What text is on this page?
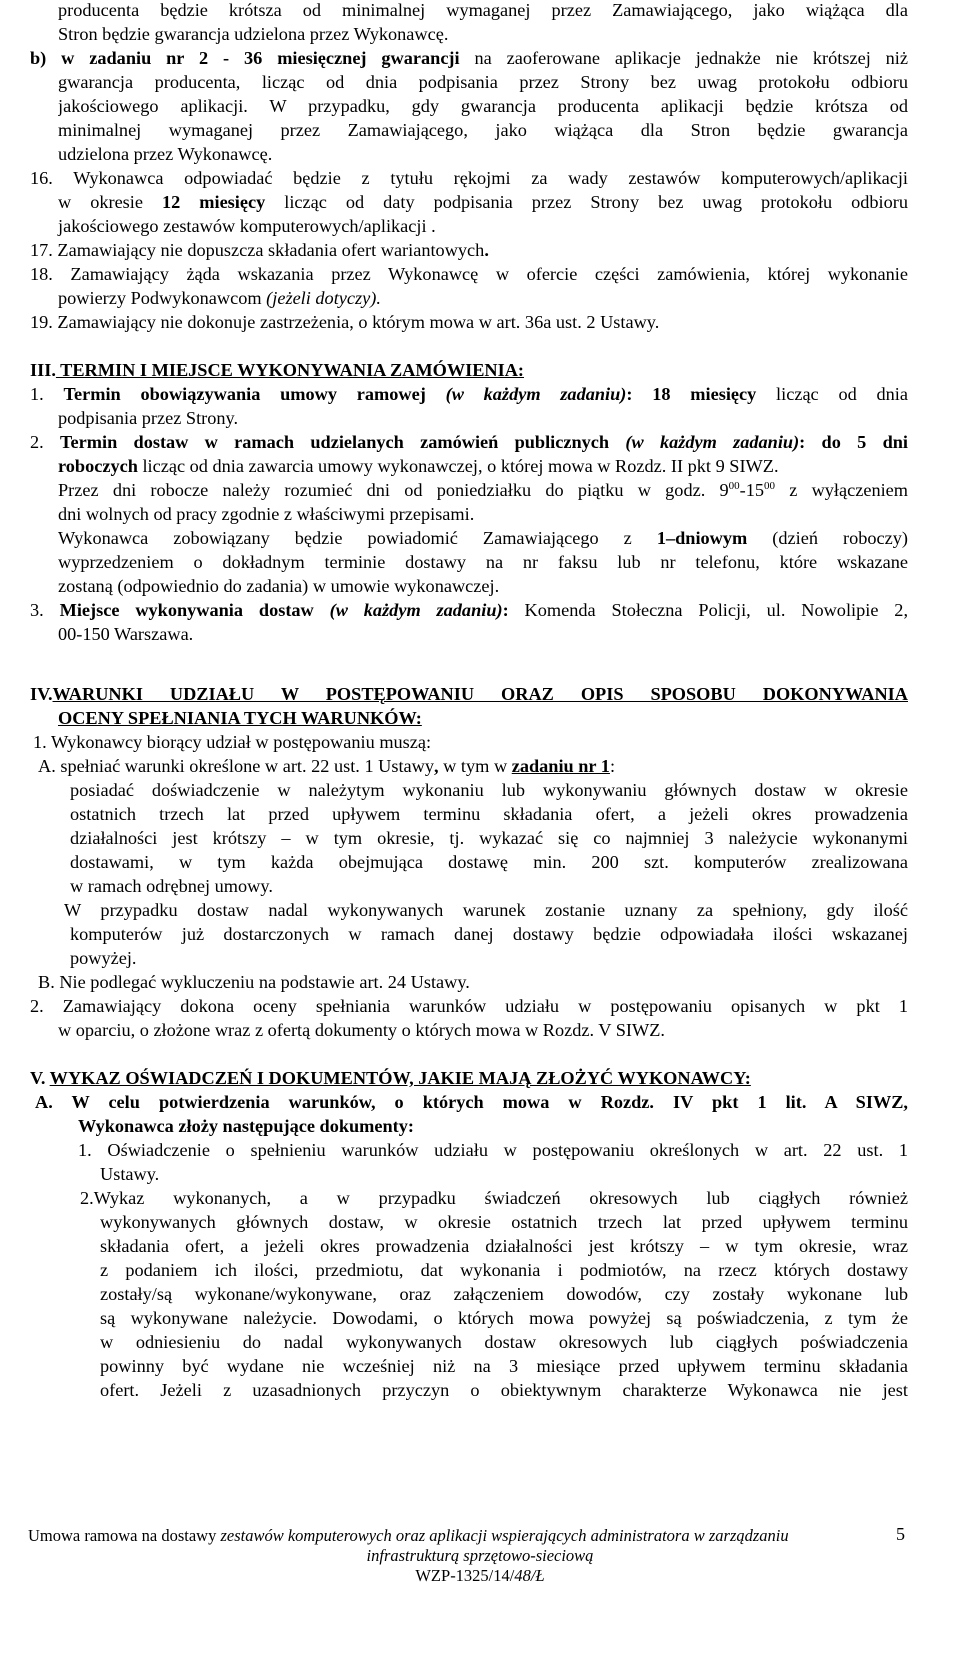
producenta będzie krótsza od minimalnej wymaganej przez Zamawiającego, jako wiążąca dla
Stron będzie gwarancja udzielona przez Wykonawcę.
b) w zadaniu nr 2 - 36 miesięcznej gwarancji na zaoferowane aplikacje jednakże nie krótszej niż
gwarancja producenta, licząc od dnia podpisania przez Strony bez uwag protokołu odbioru
jakościowego aplikacji. W przypadku, gdy gwarancja producenta aplikacji będzie krótsza od
minimalnej wymaganej przez Zamawiającego, jako wiążąca dla Stron będzie gwarancja
udzielona przez Wykonawcę.
16. Wykonawca odpowiadać będzie z tytułu rękojmi za wady zestawów komputerowych/aplikacji
w okresie 12 miesięcy licząc od daty podpisania przez Strony bez uwag protokołu odbioru
jakościowego zestawów komputerowych/aplikacji .
17. Zamawiający nie dopuszcza składania ofert wariantowych.
18. Zamawiający żąda wskazania przez Wykonawcę w ofercie części zamówienia, której wykonanie
powierzy Podwykonawcom (jeżeli dotyczy).
19. Zamawiający nie dokonuje zastrzeżenia, o którym mowa w art. 36a ust. 2 Ustawy.
III. TERMIN I MIEJSCE WYKONYWANIA ZAMÓWIENIA:
1. Termin obowiązywania umowy ramowej (w każdym zadaniu): 18 miesięcy licząc od dnia
podpisania przez Strony.
2. Termin dostaw w ramach udzielanych zamówień publicznych (w każdym zadaniu): do 5 dni
roboczych licząc od dnia zawarcia umowy wykonawczej, o której mowa w Rozdz. II pkt 9 SIWZ.
Przez dni robocze należy rozumieć dni od poniedziałku do piątku w godz. $9^{00}-15^{00}$ z wyłączeniem
dni wolnych od pracy zgodnie z właściwymi przepisami.
Wykonawca zobowiązany będzie powiadomić Zamawiającego z 1–dniowym (dzień roboczy)
wyprzedzeniem o dokładnym terminie dostawy na nr faksu lub nr telefonu, które wskazane
zostaną (odpowiednio do zadania) w umowie wykonawczej.
3. Miejsce wykonywania dostaw (w każdym zadaniu): Komenda Stołeczna Policji, ul. Nowolipie 2,
00-150 Warszawa.
IV.WARUNKI UDZIAŁU W POSTĘPOWANIU ORAZ OPIS SPOSOBU DOKONYWANIA
OCENY SPEŁNIANIA TYCH WARUNKÓW:
1. Wykonawcy biorący udział w postępowaniu muszą:
A. spełniać warunki określone w art. 22 ust. 1 Ustawy, w tym w zadaniu nr 1:
posiadać doświadczenie w należytym wykonaniu lub wykonywaniu głównych dostaw w okresie
ostatnich trzech lat przed upływem terminu składania ofert, a jeżeli okres prowadzenia
działalności jest krótszy – w tym okresie, tj. wykazać się co najmniej 3 należycie wykonanymi
dostawami, w tym każda obejmująca dostawę min. 200 szt. komputerów zrealizowana
w ramach odrębnej umowy.
W przypadku dostaw nadal wykonywanych warunek zostanie uznany za spełniony, gdy ilość
komputerów już dostarczonych w ramach danej dostawy będzie odpowiadała ilości wskazanej
powyżej.
B. Nie podlegać wykluczeniu na podstawie art. 24 Ustawy.
2. Zamawiający dokona oceny spełniania warunków udziału w postępowaniu opisanych w pkt 1
w oparciu, o złożone wraz z ofertą dokumenty o których mowa w Rozdz. V SIWZ.
V. WYKAZ OŚWIADCZEŃ I DOKUMENTÓW, JAKIE MAJĄ ZŁOŻYĆ WYKONAWCY:
A. W celu potwierdzenia warunków, o których mowa w Rozdz. IV pkt 1 lit. A SIWZ,
Wykonawca złoży następujące dokumenty:
1. Oświadczenie o spełnieniu warunków udziału w postępowaniu określonych w art. 22 ust. 1
Ustawy.
2.Wykaz wykonanych, a w przypadku świadczeń okresowych lub ciągłych również
wykonywanych głównych dostaw, w okresie ostatnich trzech lat przed upływem terminu
składania ofert, a jeżeli okres prowadzenia działalności jest krótszy – w tym okresie, wraz
z podaniem ich ilości, przedmiotu, dat wykonania i podmiotów, na rzecz których dostawy
zostały/są wykonane/wykonywane, oraz załączeniem dowodów, czy zostały wykonane lub
są wykonywane należycie. Dowodami, o których mowa powyżej są poświadczenia, z tym że
w odniesieniu do nadal wykonywanych dostaw okresowych lub ciągłych poświadczenia
powinny być wydane nie wcześniej niż na 3 miesiące przed upływem terminu składania
ofert. Jeżeli z uzasadnionych przyczyn o obiektywnym charakterze Wykonawca nie jest
Umowa ramowa na dostawy zestawów komputerowych oraz aplikacji wspierających administratora w zarządzaniu
infrastrukturą sprzętowo-sieciową
WZP-1325/14/48/Ł
5
